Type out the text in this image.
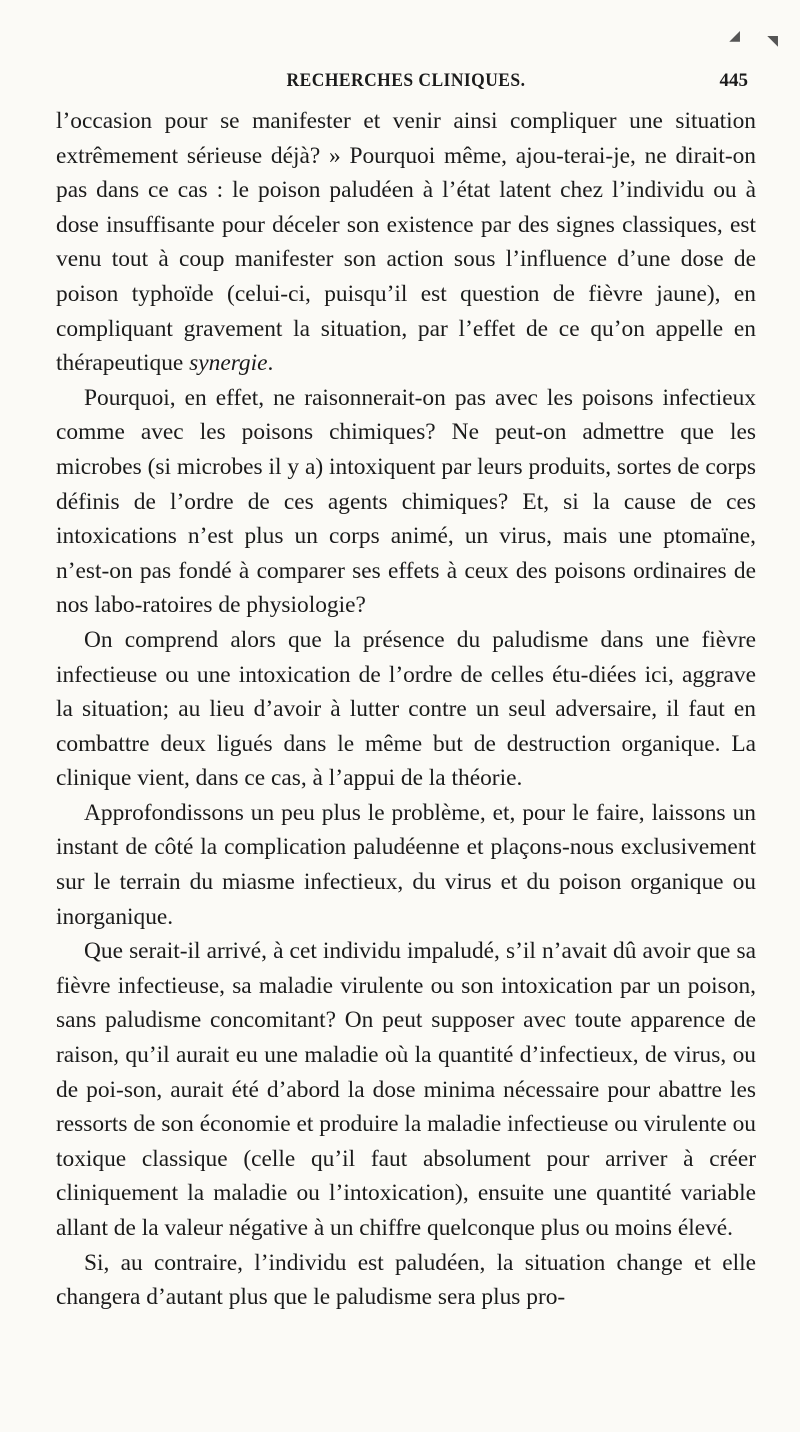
RECHERCHES CLINIQUES.	445
◢ ◥

l’occasion pour se manifester et venir ainsi compliquer une situation extrêmement sérieuse déjà? » Pourquoi même, ajou-terai-je, ne dirait-on pas dans ce cas : le poison paludéen à l’état latent chez l’individu ou à dose insuffisante pour déceler son existence par des signes classiques, est venu tout à coup manifester son action sous l’influence d’une dose de poison typhoïde (celui-ci, puisqu’il est question de fièvre jaune), en compliquant gravement la situation, par l’effet de ce qu’on appelle en thérapeutique synergie.

Pourquoi, en effet, ne raisonnerait-on pas avec les poisons infectieux comme avec les poisons chimiques? Ne peut-on admettre que les microbes (si microbes il y a) intoxiquent par leurs produits, sortes de corps définis de l’ordre de ces agents chimiques? Et, si la cause de ces intoxications n’est plus un corps animé, un virus, mais une ptomaïne, n’est-on pas fondé à comparer ses effets à ceux des poisons ordinaires de nos labo-ratoires de physiologie?

On comprend alors que la présence du paludisme dans une fièvre infectieuse ou une intoxication de l’ordre de celles étu-diées ici, aggrave la situation; au lieu d’avoir à lutter contre un seul adversaire, il faut en combattre deux ligués dans le même but de destruction organique. La clinique vient, dans ce cas, à l’appui de la théorie.

Approfondissons un peu plus le problème, et, pour le faire, laissons un instant de côté la complication paludéenne et plaçons-nous exclusivement sur le terrain du miasme infectieux, du virus et du poison organique ou inorganique.

Que serait-il arrivé, à cet individu impaludé, s’il n’avait dû avoir que sa fièvre infectieuse, sa maladie virulente ou son intoxication par un poison, sans paludisme concomitant? On peut supposer avec toute apparence de raison, qu’il aurait eu une maladie où la quantité d’infectieux, de virus, ou de poi-son, aurait été d’abord la dose minima nécessaire pour abattre les ressorts de son économie et produire la maladie infectieuse ou virulente ou toxique classique (celle qu’il faut absolument pour arriver à créer cliniquement la maladie ou l’intoxication), ensuite une quantité variable allant de la valeur négative à un chiffre quelconque plus ou moins élevé.

Si, au contraire, l’individu est paludéen, la situation change et elle changera d’autant plus que le paludisme sera plus pro-
